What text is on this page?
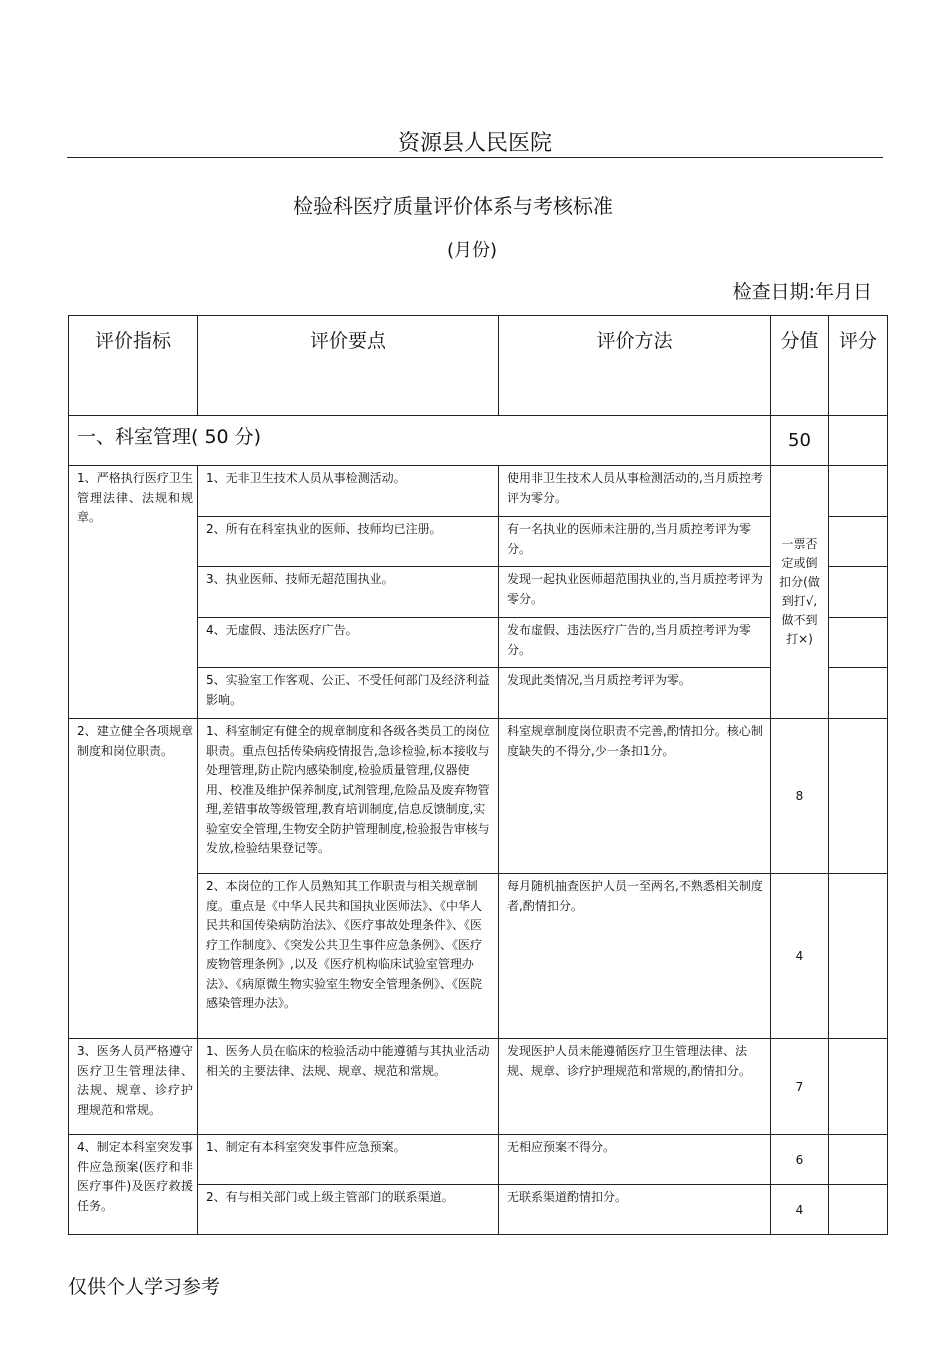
资源县人民医院
检验科医疗质量评价体系与考核标准
(月份)
检查日期:年月日
评价指标	评价要点	评价方法	分值	评分
一、科室管理( 50 分)			50	
1、严格执行医疗卫生管理法律、法规和规章。	1、无非卫生技术人员从事检测活动。	使用非卫生技术人员从事检测活动的,当月质控考评为零分。	一票否定或倒扣分(做到打√,做不到打×)	
	2、所有在科室执业的医师、技师均已注册。	有一名执业的医师未注册的,当月质控考评为零分。		
	3、执业医师、技师无超范围执业。	发现一起执业医师超范围执业的,当月质控考评为零分。		
	4、无虚假、违法医疗广告。	发布虚假、违法医疗广告的,当月质控考评为零分。		
	5、实验室工作客观、公正、不受任何部门及经济利益影响。	发现此类情况,当月质控考评为零。		
2、建立健全各项规章制度和岗位职责。	1、科室制定有健全的规章制度和各级各类员工的岗位职责。重点包括传染病疫情报告,急诊检验,标本接收与处理管理,防止院内感染制度,检验质量管理,仪器使用、校准及维护保养制度,试剂管理,危险品及废弃物管理,差错事故等级管理,教育培训制度,信息反馈制度,实验室安全管理,生物安全防护管理制度,检验报告审核与发放,检验结果登记等。	科室规章制度岗位职责不完善,酌情扣分。核心制度缺失的不得分,少一条扣1分。	8	
	2、本岗位的工作人员熟知其工作职责与相关规章制度。重点是《中华人民共和国执业医师法》、《中华人民共和国传染病防治法》、《医疗事故处理条件》、《医疗工作制度》、《突发公共卫生事件应急条例》、《医疗废物管理条例》,以及《医疗机构临床试验室管理办法》、《病原微生物实验室生物安全管理条例》、《医院感染管理办法》。	每月随机抽查医护人员一至两名,不熟悉相关制度者,酌情扣分。	4	
3、医务人员严格遵守医疗卫生管理法律、法规、规章、诊疗护理规范和常规。	1、医务人员在临床的检验活动中能遵循与其执业活动相关的主要法律、法规、规章、规范和常规。	发现医护人员未能遵循医疗卫生管理法律、法规、规章、诊疗护理规范和常规的,酌情扣分。	7	
4、制定本科室突发事件应急预案(医疗和非医疗事件)及医疗救援任务。	1、制定有本科室突发事件应急预案。	无相应预案不得分。	6	
	2、有与相关部门或上级主管部门的联系渠道。	无联系渠道酌情扣分。	4	
仅供个人学习参考
